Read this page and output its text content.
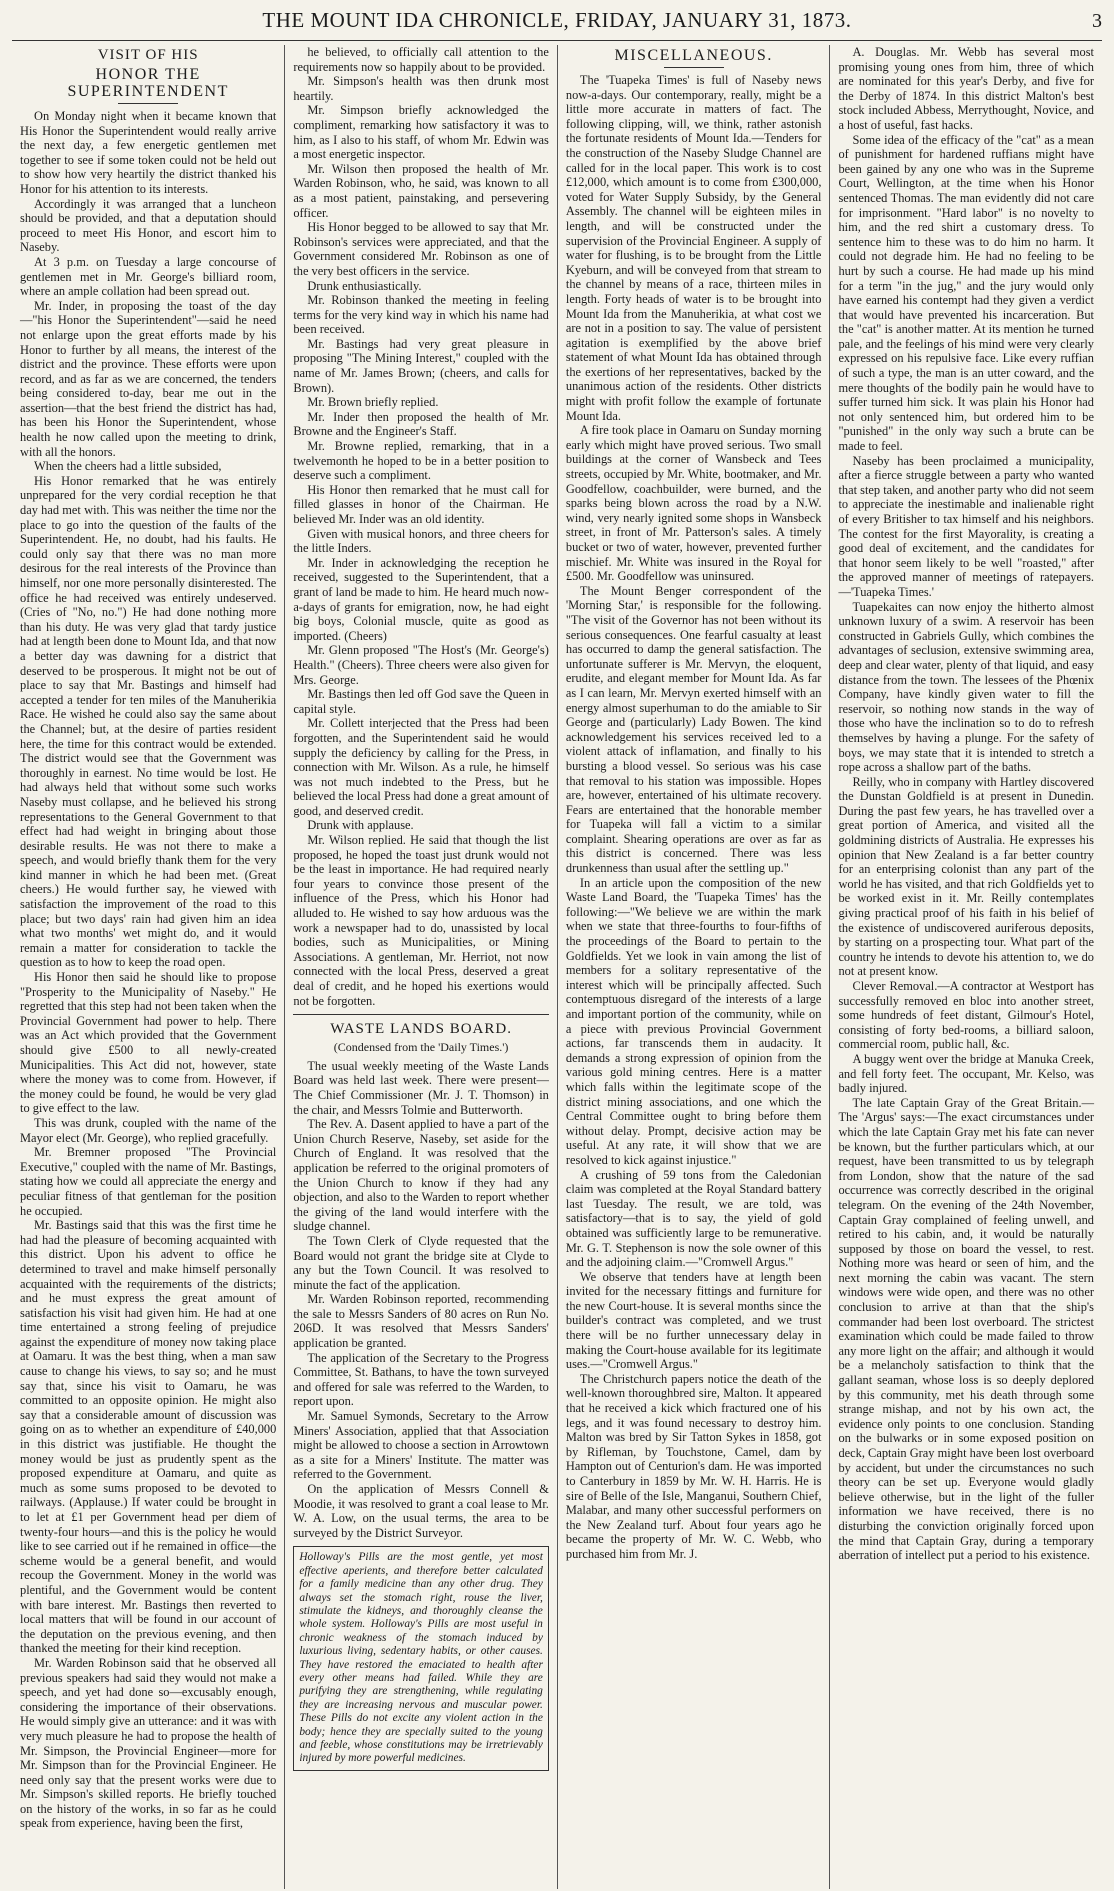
THE MOUNT IDA CHRONICLE, FRIDAY, JANUARY 31, 1873.	3
VISIT OF HIS
HONOR THE SUPERINTENDENT

On Monday night when it became known that His Honor the Superintendent would really arrive the next day, a few energetic gentlemen met together to see if some token could not be held out to show how very heartily the district thanked his Honor for his attention to its interests.

Accordingly it was arranged that a luncheon should be provided, and that a deputation should proceed to meet His Honor, and escort him to Naseby.

At 3 p.m. on Tuesday a large concourse of gentlemen met in Mr. George's billiard room, where an ample collation had been spread out.

Mr. Inder, in proposing the toast of the day—"his Honor the Superintendent"—said he need not enlarge upon the great efforts made by his Honor to further by all means, the interest of the district and the province. These efforts were upon record, and as far as we are concerned, the tenders being considered to-day, bear me out in the assertion—that the best friend the district has had, has been his Honor the Superintendent, whose health he now called upon the meeting to drink, with all the honors.

When the cheers had a little subsided,

His Honor remarked that he was entirely unprepared for the very cordial reception he that day had met with. This was neither the time nor the place to go into the question of the faults of the Superintendent. He, no doubt, had his faults. He could only say that there was no man more desirous for the real interests of the Province than himself, nor one more personally disinterested. The office he had received was entirely undeserved. (Cries of "No, no.") He had done nothing more than his duty. He was very glad that tardy justice had at length been done to Mount Ida, and that now a better day was dawning for a district that deserved to be prosperous. It might not be out of place to say that Mr. Bastings and himself had accepted a tender for ten miles of the Manuherikia Race. He wished he could also say the same about the Channel; but, at the desire of parties resident here, the time for this contract would be extended. The district would see that the Government was thoroughly in earnest. No time would be lost. He had always held that without some such works Naseby must collapse, and he believed his strong representations to the General Government to that effect had had weight in bringing about those desirable results. He was not there to make a speech, and would briefly thank them for the very kind manner in which he had been met. (Great cheers.) He would further say, he viewed with satisfaction the improvement of the road to this place; but two days' rain had given him an idea what two months' wet might do, and it would remain a matter for consideration to tackle the question as to how to keep the road open.

His Honor then said he should like to propose "Prosperity to the Municipality of Naseby." He regretted that this step had not been taken when the Provincial Government had power to help. There was an Act which provided that the Government should give £500 to all newly-created Municipalities. This Act did not, however, state where the money was to come from. However, if the money could be found, he would be very glad to give effect to the law.

This was drunk, coupled with the name of the Mayor elect (Mr. George), who replied gracefully.

Mr. Bremner proposed "The Provincial Executive," coupled with the name of Mr. Bastings, stating how we could all appreciate the energy and peculiar fitness of that gentleman for the position he occupied.

Mr. Bastings said that this was the first time he had had the pleasure of becoming acquainted with this district. Upon his advent to office he determined to travel and make himself personally acquainted with the requirements of the districts; and he must express the great amount of satisfaction his visit had given him. He had at one time entertained a strong feeling of prejudice against the expenditure of money now taking place at Oamaru. It was the best thing, when a man saw cause to change his views, to say so; and he must say that, since his visit to Oamaru, he was committed to an opposite opinion. He might also say that a considerable amount of discussion was going on as to whether an expenditure of £40,000 in this district was justifiable. He thought the money would be just as prudently spent as the proposed expenditure at Oamaru, and quite as much as some sums proposed to be devoted to railways. (Applause.) If water could be brought in to let at £1 per Government head per diem of twenty-four hours—and this is the policy he would like to see carried out if he remained in office—the scheme would be a general benefit, and would recoup the Government. Money in the world was plentiful, and the Government would be content with bare interest. Mr. Bastings then reverted to local matters that will be found in our account of the deputation on the previous evening, and then thanked the meeting for their kind reception.

Mr. Warden Robinson said that he observed all previous speakers had said they would not make a speech, and yet had done so—excusably enough, considering the importance of their observations. He would simply give an utterance: and it was with very much pleasure he had to propose the health of Mr. Simpson, the Provincial Engineer—more for Mr. Simpson than for the Provincial Engineer. He need only say that the present works were due to Mr. Simpson's skilled reports. He briefly touched on the history of the works, in so far as he could speak from experience, having been the first,

he believed, to officially call attention to the requirements now so happily about to be provided.

Mr. Simpson's health was then drunk most heartily.

Mr. Simpson briefly acknowledged the compliment, remarking how satisfactory it was to him, as I also to his staff, of whom Mr. Edwin was a most energetic inspector.

Mr. Wilson then proposed the health of Mr. Warden Robinson, who, he said, was known to all as a most patient, painstaking, and persevering officer.

His Honor begged to be allowed to say that Mr. Robinson's services were appreciated, and that the Government considered Mr. Robinson as one of the very best officers in the service.

Drunk enthusiastically.

Mr. Robinson thanked the meeting in feeling terms for the very kind way in which his name had been received.

Mr. Bastings had very great pleasure in proposing "The Mining Interest," coupled with the name of Mr. James Brown; (cheers, and calls for Brown).

Mr. Brown briefly replied.

Mr. Inder then proposed the health of Mr. Browne and the Engineer's Staff.

Mr. Browne replied, remarking, that in a twelvemonth he hoped to be in a better position to deserve such a compliment.

His Honor then remarked that he must call for filled glasses in honor of the Chairman. He believed Mr. Inder was an old identity.

Given with musical honors, and three cheers for the little Inders.

Mr. Inder in acknowledging the reception he received, suggested to the Superintendent, that a grant of land be made to him. He heard much now-a-days of grants for emigration, now, he had eight big boys, Colonial muscle, quite as good as imported. (Cheers)

Mr. Glenn proposed "The Host's (Mr. George's) Health." (Cheers). Three cheers were also given for Mrs. George.

Mr. Bastings then led off God save the Queen in capital style.

Mr. Collett interjected that the Press had been forgotten, and the Superintendent said he would supply the deficiency by calling for the Press, in connection with Mr. Wilson. As a rule, he himself was not much indebted to the Press, but he believed the local Press had done a great amount of good, and deserved credit.

Drunk with applause.

Mr. Wilson replied. He said that though the list proposed, he hoped the toast just drunk would not be the least in importance. He had required nearly four years to convince those present of the influence of the Press, which his Honor had alluded to. He wished to say how arduous was the work a newspaper had to do, unassisted by local bodies, such as Municipalities, or Mining Associations. A gentleman, Mr. Herriot, not now connected with the local Press, deserved a great deal of credit, and he hoped his exertions would not be forgotten.

WASTE LANDS BOARD.
(Condensed from the 'Daily Times.')

The usual weekly meeting of the Waste Lands Board was held last week. There were present—The Chief Commissioner (Mr. J. T. Thomson) in the chair, and Messrs Tolmie and Butterworth.

The Rev. A. Dasent applied to have a part of the Union Church Reserve, Naseby, set aside for the Church of England. It was resolved that the application be referred to the original promoters of the Union Church to know if they had any objection, and also to the Warden to report whether the giving of the land would interfere with the sludge channel.

The Town Clerk of Clyde requested that the Board would not grant the bridge site at Clyde to any but the Town Council. It was resolved to minute the fact of the application.

Mr. Warden Robinson reported, recommending the sale to Messrs Sanders of 80 acres on Run No. 206D. It was resolved that Messrs Sanders' application be granted.

The application of the Secretary to the Progress Committee, St. Bathans, to have the town surveyed and offered for sale was referred to the Warden, to report upon.

Mr. Samuel Symonds, Secretary to the Arrow Miners' Association, applied that that Association might be allowed to choose a section in Arrowtown as a site for a Miners' Institute. The matter was referred to the Government.

On the application of Messrs Connell & Moodie, it was resolved to grant a coal lease to Mr. W. A. Low, on the usual terms, the area to be surveyed by the District Surveyor.

Holloway's Pills are the most gentle, yet most effective aperients, and therefore better calculated for a family medicine than any other drug. They always set the stomach right, rouse the liver, stimulate the kidneys, and thoroughly cleanse the whole system. Holloway's Pills are most useful in chronic weakness of the stomach induced by luxurious living, sedentary habits, or other causes. They have restored the emaciated to health after every other means had failed. While they are purifying they are strengthening, while regulating they are increasing nervous and muscular power. These Pills do not excite any violent action in the body; hence they are specially suited to the young and feeble, whose constitutions may be irretrievably injured by more powerful medicines.

MISCELLANEOUS.

The 'Tuapeka Times' is full of Naseby news now-a-days. Our contemporary, really, might be a little more accurate in matters of fact. The following clipping, will, we think, rather astonish the fortunate residents of Mount Ida.—Tenders for the construction of the Naseby Sludge Channel are called for in the local paper. This work is to cost £12,000, which amount is to come from £300,000, voted for Water Supply Subsidy, by the General Assembly. The channel will be eighteen miles in length, and will be constructed under the supervision of the Provincial Engineer. A supply of water for flushing, is to be brought from the Little Kyeburn, and will be conveyed from that stream to the channel by means of a race, thirteen miles in length. Forty heads of water is to be brought into Mount Ida from the Manuherikia, at what cost we are not in a position to say. The value of persistent agitation is exemplified by the above brief statement of what Mount Ida has obtained through the exertions of her representatives, backed by the unanimous action of the residents. Other districts might with profit follow the example of fortunate Mount Ida.

A fire took place in Oamaru on Sunday morning early which might have proved serious. Two small buildings at the corner of Wansbeck and Tees streets, occupied by Mr. White, bootmaker, and Mr. Goodfellow, coachbuilder, were burned, and the sparks being blown across the road by a N.W. wind, very nearly ignited some shops in Wansbeck street, in front of Mr. Patterson's sales. A timely bucket or two of water, however, prevented further mischief. Mr. White was insured in the Royal for £500. Mr. Goodfellow was uninsured.

The Mount Benger correspondent of the 'Morning Star,' is responsible for the following. "The visit of the Governor has not been without its serious consequences. One fearful casualty at least has occurred to damp the general satisfaction. The unfortunate sufferer is Mr. Mervyn, the eloquent, erudite, and elegant member for Mount Ida. As far as I can learn, Mr. Mervyn exerted himself with an energy almost superhuman to do the amiable to Sir George and (particularly) Lady Bowen. The kind acknowledgement his services received led to a violent attack of inflamation, and finally to his bursting a blood vessel. So serious was his case that removal to his station was impossible. Hopes are, however, entertained of his ultimate recovery. Fears are entertained that the honorable member for Tuapeka will fall a victim to a similar complaint. Shearing operations are over as far as this district is concerned. There was less drunkenness than usual after the settling up."

In an article upon the composition of the new Waste Land Board, the 'Tuapeka Times' has the following:—"We believe we are within the mark when we state that three-fourths to four-fifths of the proceedings of the Board to pertain to the Goldfields. Yet we look in vain among the list of members for a solitary representative of the interest which will be principally affected. Such contemptuous disregard of the interests of a large and important portion of the community, while on a piece with previous Provincial Government actions, far transcends them in audacity. It demands a strong expression of opinion from the various gold mining centres. Here is a matter which falls within the legitimate scope of the district mining associations, and one which the Central Committee ought to bring before them without delay. Prompt, decisive action may be useful. At any rate, it will show that we are resolved to kick against injustice."

A crushing of 59 tons from the Caledonian claim was completed at the Royal Standard battery last Tuesday. The result, we are told, was satisfactory—that is to say, the yield of gold obtained was sufficiently large to be remunerative. Mr. G. T. Stephenson is now the sole owner of this and the adjoining claim.—"Cromwell Argus."

We observe that tenders have at length been invited for the necessary fittings and furniture for the new Court-house. It is several months since the builder's contract was completed, and we trust there will be no further unnecessary delay in making the Court-house available for its legitimate uses.—"Cromwell Argus."

The Christchurch papers notice the death of the well-known thoroughbred sire, Malton. It appeared that he received a kick which fractured one of his legs, and it was found necessary to destroy him. Malton was bred by Sir Tatton Sykes in 1858, got by Rifleman, by Touchstone, Camel, dam by Hampton out of Centurion's dam. He was imported to Canterbury in 1859 by Mr. W. H. Harris. He is sire of Belle of the Isle, Manganui, Southern Chief, Malabar, and many other successful performers on the New Zealand turf. About four years ago he became the property of Mr. W. C. Webb, who purchased him from Mr. J.

A. Douglas. Mr. Webb has several most promising young ones from him, three of which are nominated for this year's Derby, and five for the Derby of 1874. In this district Malton's best stock included Abbess, Merrythought, Novice, and a host of useful, fast hacks.

Some idea of the efficacy of the "cat" as a mean of punishment for hardened ruffians might have been gained by any one who was in the Supreme Court, Wellington, at the time when his Honor sentenced Thomas. The man evidently did not care for imprisonment. "Hard labor" is no novelty to him, and the red shirt a customary dress. To sentence him to these was to do him no harm. It could not degrade him. He had no feeling to be hurt by such a course. He had made up his mind for a term "in the jug," and the jury would only have earned his contempt had they given a verdict that would have prevented his incarceration. But the "cat" is another matter. At its mention he turned pale, and the feelings of his mind were very clearly expressed on his repulsive face. Like every ruffian of such a type, the man is an utter coward, and the mere thoughts of the bodily pain he would have to suffer turned him sick. It was plain his Honor had not only sentenced him, but ordered him to be "punished" in the only way such a brute can be made to feel.

Naseby has been proclaimed a municipality, after a fierce struggle between a party who wanted that step taken, and another party who did not seem to appreciate the inestimable and inalienable right of every Britisher to tax himself and his neighbors. The contest for the first Mayorality, is creating a good deal of excitement, and the candidates for that honor seem likely to be well "roasted," after the approved manner of meetings of ratepayers.—'Tuapeka Times.'

Tuapekaites can now enjoy the hitherto almost unknown luxury of a swim. A reservoir has been constructed in Gabriels Gully, which combines the advantages of seclusion, extensive swimming area, deep and clear water, plenty of that liquid, and easy distance from the town. The lessees of the Phœnix Company, have kindly given water to fill the reservoir, so nothing now stands in the way of those who have the inclination so to do to refresh themselves by having a plunge. For the safety of boys, we may state that it is intended to stretch a rope across a shallow part of the baths.

Reilly, who in company with Hartley discovered the Dunstan Goldfield is at present in Dunedin. During the past few years, he has travelled over a great portion of America, and visited all the goldmining districts of Australia. He expresses his opinion that New Zealand is a far better country for an enterprising colonist than any part of the world he has visited, and that rich Goldfields yet to be worked exist in it. Mr. Reilly contemplates giving practical proof of his faith in his belief of the existence of undiscovered auriferous deposits, by starting on a prospecting tour. What part of the country he intends to devote his attention to, we do not at present know.

Clever Removal.—A contractor at Westport has successfully removed en bloc into another street, some hundreds of feet distant, Gilmour's Hotel, consisting of forty bed-rooms, a billiard saloon, commercial room, public hall, &c.

A buggy went over the bridge at Manuka Creek, and fell forty feet. The occupant, Mr. Kelso, was badly injured.

The late Captain Gray of the Great Britain.—The 'Argus' says:—The exact circumstances under which the late Captain Gray met his fate can never be known, but the further particulars which, at our request, have been transmitted to us by telegraph from London, show that the nature of the sad occurrence was correctly described in the original telegram. On the evening of the 24th November, Captain Gray complained of feeling unwell, and retired to his cabin, and, it would be naturally supposed by those on board the vessel, to rest. Nothing more was heard or seen of him, and the next morning the cabin was vacant. The stern windows were wide open, and there was no other conclusion to arrive at than that the ship's commander had been lost overboard. The strictest examination which could be made failed to throw any more light on the affair; and although it would be a melancholy satisfaction to think that the gallant seaman, whose loss is so deeply deplored by this community, met his death through some strange mishap, and not by his own act, the evidence only points to one conclusion. Standing on the bulwarks or in some exposed position on deck, Captain Gray might have been lost overboard by accident, but under the circumstances no such theory can be set up. Everyone would gladly believe otherwise, but in the light of the fuller information we have received, there is no disturbing the conviction originally forced upon the mind that Captain Gray, during a temporary aberration of intellect put a period to his existence.
